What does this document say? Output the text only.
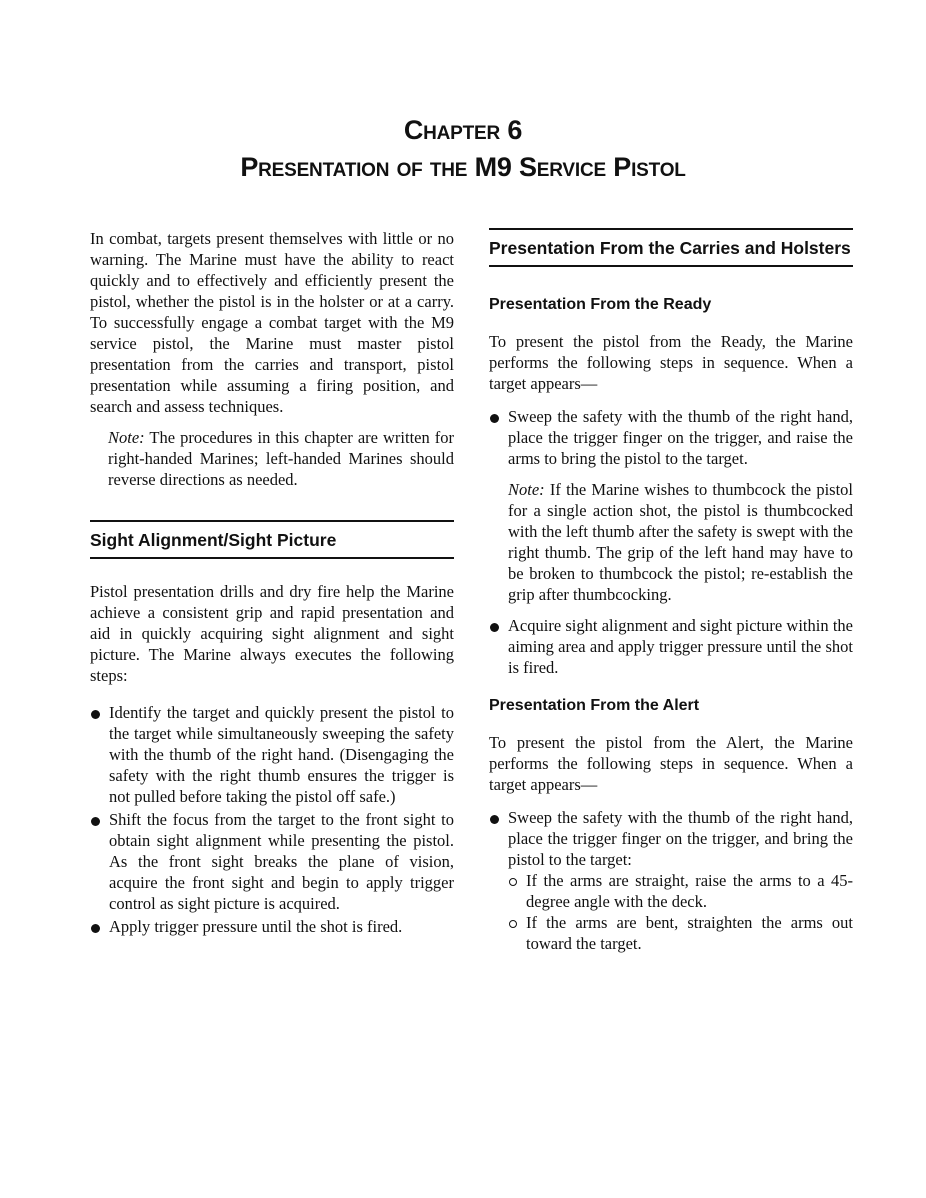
Chapter 6
Presentation of the M9 Service Pistol

In combat, targets present themselves with little or no warning. The Marine must have the ability to react quickly and to effectively and efficiently present the pistol, whether the pistol is in the holster or at a carry. To successfully engage a combat target with the M9 service pistol, the Marine must master pistol presentation from the carries and transport, pistol presentation while assuming a firing position, and search and assess techniques.

Note: The procedures in this chapter are written for right-handed Marines; left-handed Marines should reverse directions as needed.

Sight Alignment/Sight Picture

Pistol presentation drills and dry fire help the Marine achieve a consistent grip and rapid presentation and aid in quickly acquiring sight alignment and sight picture. The Marine always executes the following steps:

Identify the target and quickly present the pistol to the target while simultaneously sweeping the safety with the thumb of the right hand. (Disengaging the safety with the right thumb ensures the trigger is not pulled before taking the pistol off safe.)
Shift the focus from the target to the front sight to obtain sight alignment while presenting the pistol. As the front sight breaks the plane of vision, acquire the front sight and begin to apply trigger control as sight picture is acquired.
Apply trigger pressure until the shot is fired.
Presentation From the Carries and Holsters
Presentation From the Ready

To present the pistol from the Ready, the Marine performs the following steps in sequence. When a target appears—

Sweep the safety with the thumb of the right hand, place the trigger finger on the trigger, and raise the arms to bring the pistol to the target.

Note: If the Marine wishes to thumbcock the pistol for a single action shot, the pistol is thumbcocked with the left thumb after the safety is swept with the right thumb. The grip of the left hand may have to be broken to thumbcock the pistol; re-establish the grip after thumbcocking.

Acquire sight alignment and sight picture within the aiming area and apply trigger pressure until the shot is fired.
Presentation From the Alert

To present the pistol from the Alert, the Marine performs the following steps in sequence. When a target appears—

Sweep the safety with the thumb of the right hand, place the trigger finger on the trigger, and bring the pistol to the target:
If the arms are straight, raise the arms to a 45-degree angle with the deck.
If the arms are bent, straighten the arms out toward the target.
